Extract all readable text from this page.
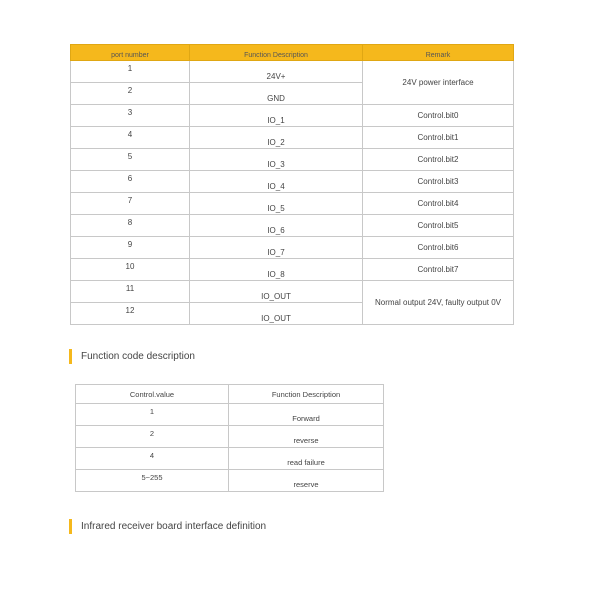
port number	Function Description	Remark
1	24V+	24V power interface
2	GND	
3	IO_1	Control.bit0
4	IO_2	Control.bit1
5	IO_3	Control.bit2
6	IO_4	Control.bit3
7	IO_5	Control.bit4
8	IO_6	Control.bit5
9	IO_7	Control.bit6
10	IO_8	Control.bit7
11	IO_OUT	Normal output 24V, faulty output 0V
12	IO_OUT	
Function code description
Control.value	Function Description
1	Forward
2	reverse
4	read failure
5~255	reserve
Infrared receiver board interface definition
